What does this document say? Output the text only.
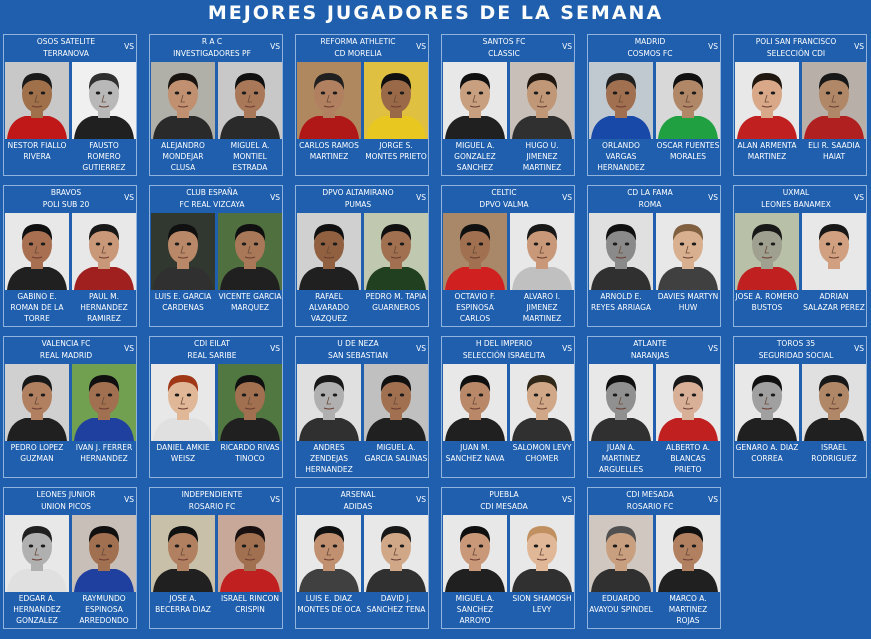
MEJORES JUGADORES DE LA SEMANA
OSOS SATELITE
TERRANOVA
VS
NESTOR FIALLO RIVERA
FAUSTO ROMERO GUTIERREZ
R A C
INVESTIGADORES PF
VS
ALEJANDRO MONDEJAR CLUSA
MIGUEL A. MONTIEL ESTRADA
REFORMA ATHLETIC
CD MORELIA
VS
CARLOS RAMOS MARTINEZ
JORGE S. MONTES PRIETO
SANTOS FC
CLASSIC
VS
MIGUEL A. GONZALEZ SANCHEZ
HUGO U. JIMENEZ MARTINEZ
MADRID
COSMOS FC
VS
ORLANDO VARGAS HERNANDEZ
OSCAR FUENTES MORALES
POLI SAN FRANCISCO
SELECCIÓN CDI
VS
ALAN ARMENTA MARTINEZ
ELI R. SAADIA HAIAT
BRAVOS
POLI SUB 20
VS
GABINO E. ROMAN DE LA TORRE
PAUL M. HERNANDEZ RAMIREZ
CLUB ESPAÑA
FC REAL VIZCAYA
VS
LUIS E. GARCIA CARDENAS
VICENTE GARCIA MARQUEZ
DPVO ALTAMIRANO
PUMAS
VS
RAFAEL ALVARADO VAZQUEZ
PEDRO M. TAPIA GUARNEROS
CELTIC
DPVO VALMA
VS
OCTAVIO F. ESPINOSA CARLOS
ALVARO I. JIMENEZ MARTINEZ
CD LA FAMA
ROMA
VS
ARNOLD E. REYES ARRIAGA
DAVIES MARTYN HUW
UXMAL
LEONES BANAMEX
VS
JOSE A. ROMERO BUSTOS
ADRIAN SALAZAR PEREZ
VALENCIA FC
REAL MADRID
VS
PEDRO LOPEZ GUZMAN
IVAN J. FERRER HERNANDEZ
CDI EILAT
REAL SARIBE
VS
DANIEL AMKIE WEISZ
RICARDO RIVAS TINOCO
U DE NEZA
SAN SEBASTIAN
VS
ANDRES ZENDEJAS HERNANDEZ
MIGUEL A. GARCIA SALINAS
H DEL IMPERIO
SELECCIÓN ISRAELITA
VS
JUAN M. SANCHEZ NAVA
SALOMON LEVY CHOMER
ATLANTE
NARANJAS
VS
JUAN A. MARTINEZ ARGUELLES
ALBERTO A. BLANCAS PRIETO
TOROS 35
SEGURIDAD SOCIAL
VS
GENARO A. DIAZ CORREA
ISRAEL RODRIGUEZ
LEONES JUNIOR
UNION PICOS
VS
EDGAR A. HERNANDEZ GONZALEZ
RAYMUNDO ESPINOSA ARREDONDO
INDEPENDIENTE
ROSARIO FC
VS
JOSE A. BECERRA DIAZ
ISRAEL RINCON CRISPIN
ARSENAL
ADIDAS
VS
LUIS E. DIAZ MONTES DE OCA
DAVID J. SANCHEZ TENA
PUEBLA
CDI MESADA
VS
MIGUEL A. SANCHEZ ARROYO
SION SHAMOSH LEVY
CDI MESADA
ROSARIO FC
VS
EDUARDO AVAYOU SPINDEL
MARCO A. MARTINEZ ROJAS
